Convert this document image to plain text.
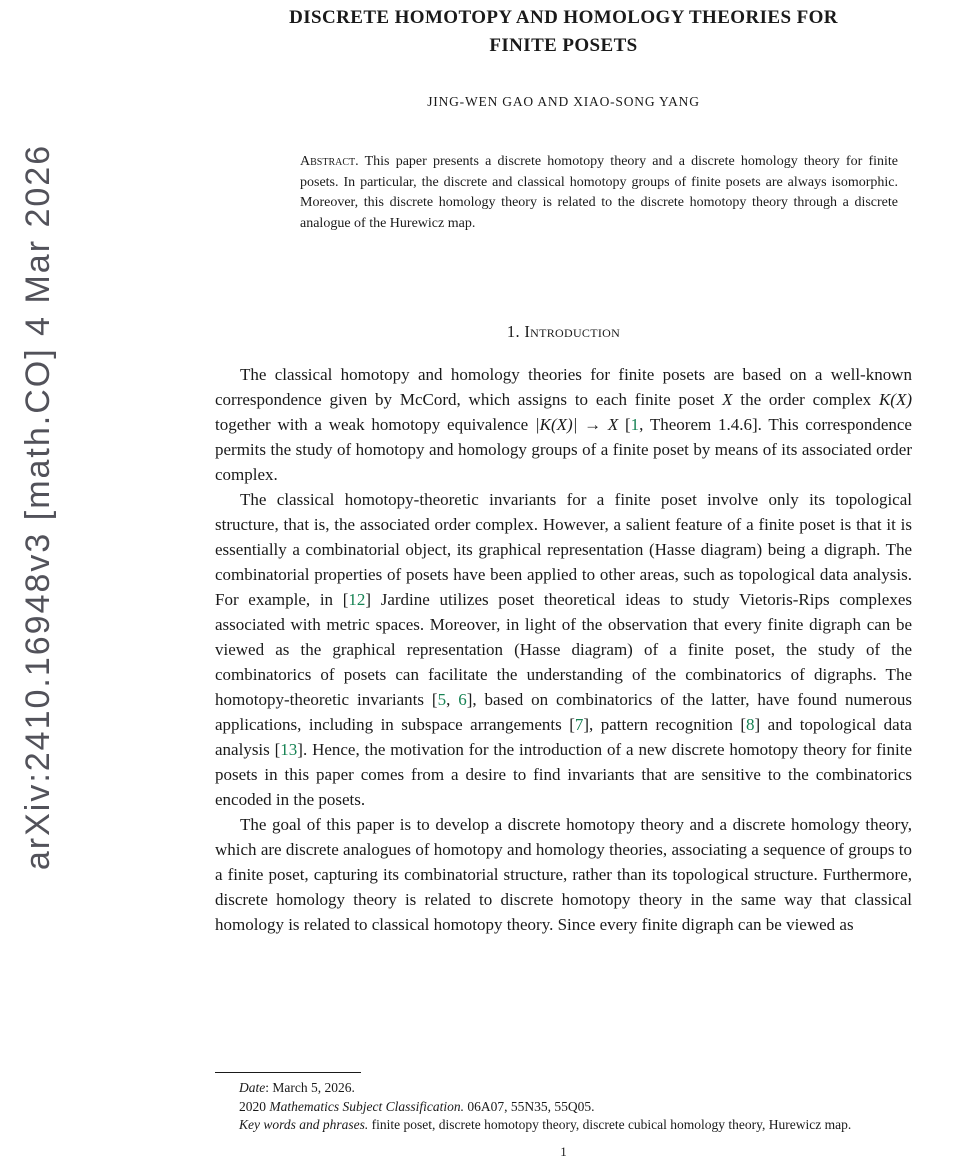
arXiv:2410.16948v3 [math.CO] 4 Mar 2026
DISCRETE HOMOTOPY AND HOMOLOGY THEORIES FOR
FINITE POSETS
JING-WEN GAO AND XIAO-SONG YANG
Abstract. This paper presents a discrete homotopy theory and a discrete homology theory for finite posets. In particular, the discrete and classical homotopy groups of finite posets are always isomorphic. Moreover, this discrete homology theory is related to the discrete homotopy theory through a discrete analogue of the Hurewicz map.
1. Introduction

The classical homotopy and homology theories for finite posets are based on a well-known correspondence given by McCord, which assigns to each finite poset X the order complex K(X) together with a weak homotopy equivalence |K(X)| → X [1, Theorem 1.4.6]. This correspondence permits the study of homotopy and homology groups of a finite poset by means of its associated order complex.

The classical homotopy-theoretic invariants for a finite poset involve only its topological structure, that is, the associated order complex. However, a salient feature of a finite poset is that it is essentially a combinatorial object, its graphical representation (Hasse diagram) being a digraph. The combinatorial properties of posets have been applied to other areas, such as topological data analysis. For example, in [12] Jardine utilizes poset theoretical ideas to study Vietoris-Rips complexes associated with metric spaces. Moreover, in light of the observation that every finite digraph can be viewed as the graphical representation (Hasse diagram) of a finite poset, the study of the combinatorics of posets can facilitate the understanding of the combinatorics of digraphs. The homotopy-theoretic invariants [5, 6], based on combinatorics of the latter, have found numerous applications, including in subspace arrangements [7], pattern recognition [8] and topological data analysis [13]. Hence, the motivation for the introduction of a new discrete homotopy theory for finite posets in this paper comes from a desire to find invariants that are sensitive to the combinatorics encoded in the posets.

The goal of this paper is to develop a discrete homotopy theory and a discrete homology theory, which are discrete analogues of homotopy and homology theories, associating a sequence of groups to a finite poset, capturing its combinatorial structure, rather than its topological structure. Furthermore, discrete homology theory is related to discrete homotopy theory in the same way that classical homology is related to classical homotopy theory. Since every finite digraph can be viewed as

Date: March 5, 2026.

2020 Mathematics Subject Classification. 06A07, 55N35, 55Q05.

Key words and phrases. finite poset, discrete homotopy theory, discrete cubical homology theory, Hurewicz map.

1
